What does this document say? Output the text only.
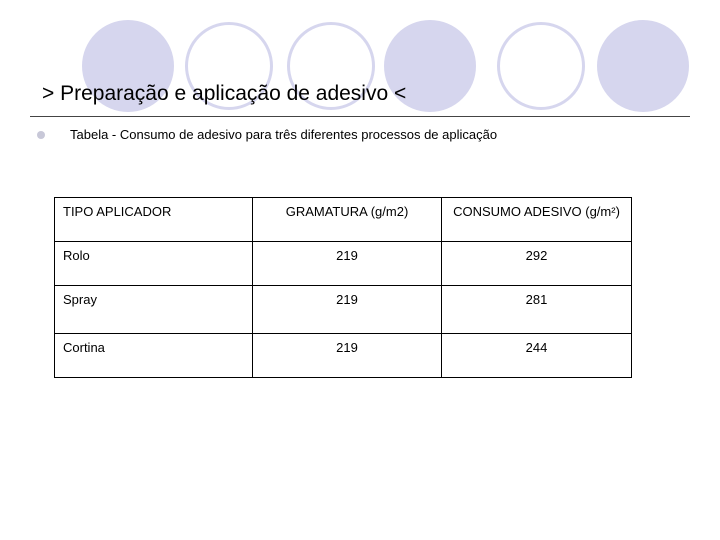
> Preparação e aplicação de adesivo <
Tabela - Consumo de adesivo para três diferentes processos de aplicação
TIPO APLICADOR	GRAMATURA (g/m2)	CONSUMO ADESIVO (g/m²)
Rolo	219	292
Spray	219	281
Cortina	219	244
